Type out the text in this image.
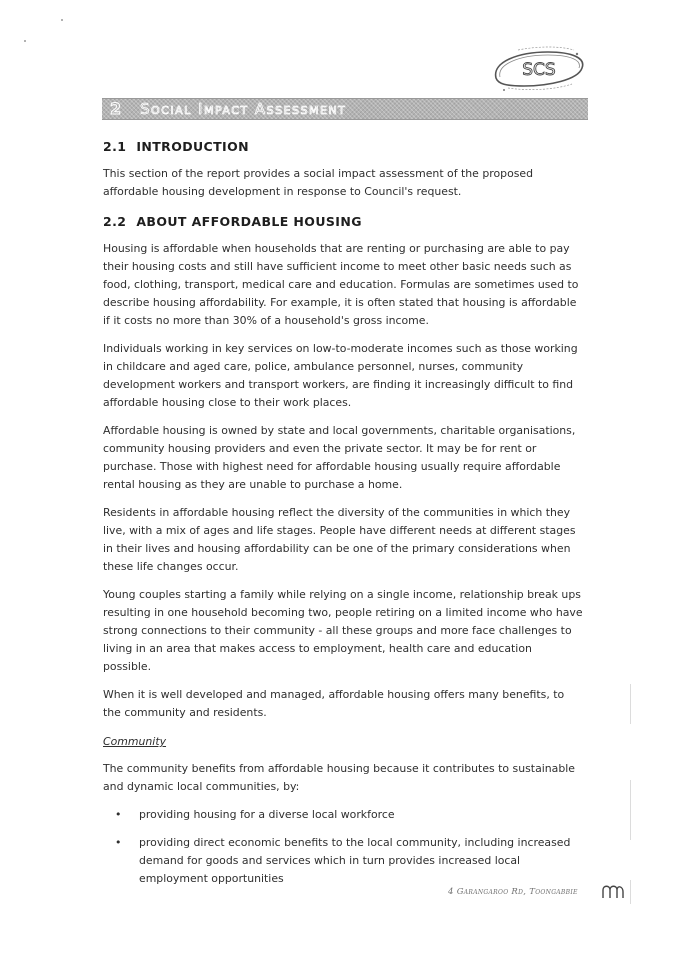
SCS
2 Social Impact Assessment
2.1 INTRODUCTION

This section of the report provides a social impact assessment of the proposed affordable housing development in response to Council's request.

2.2 ABOUT AFFORDABLE HOUSING

Housing is affordable when households that are renting or purchasing are able to pay their housing costs and still have sufficient income to meet other basic needs such as food, clothing, transport, medical care and education. Formulas are sometimes used to describe housing affordability. For example, it is often stated that housing is affordable if it costs no more than 30% of a household's gross income.

Individuals working in key services on low-to-moderate incomes such as those working in childcare and aged care, police, ambulance personnel, nurses, community development workers and transport workers, are finding it increasingly difficult to find affordable housing close to their work places.

Affordable housing is owned by state and local governments, charitable organisations, community housing providers and even the private sector. It may be for rent or purchase. Those with highest need for affordable housing usually require affordable rental housing as they are unable to purchase a home.

Residents in affordable housing reflect the diversity of the communities in which they live, with a mix of ages and life stages. People have different needs at different stages in their lives and housing affordability can be one of the primary considerations when these life changes occur.

Young couples starting a family while relying on a single income, relationship break ups resulting in one household becoming two, people retiring on a limited income who have strong connections to their community - all these groups and more face challenges to living in an area that makes access to employment, health care and education possible.

When it is well developed and managed, affordable housing offers many benefits, to the community and residents.

Community

The community benefits from affordable housing because it contributes to sustainable and dynamic local communities, by:

• providing housing for a diverse local workforce
• providing direct economic benefits to the local community, including increased demand for goods and services which in turn provides increased local employment opportunities
4 Garangaroo Rd, Toongabbie
